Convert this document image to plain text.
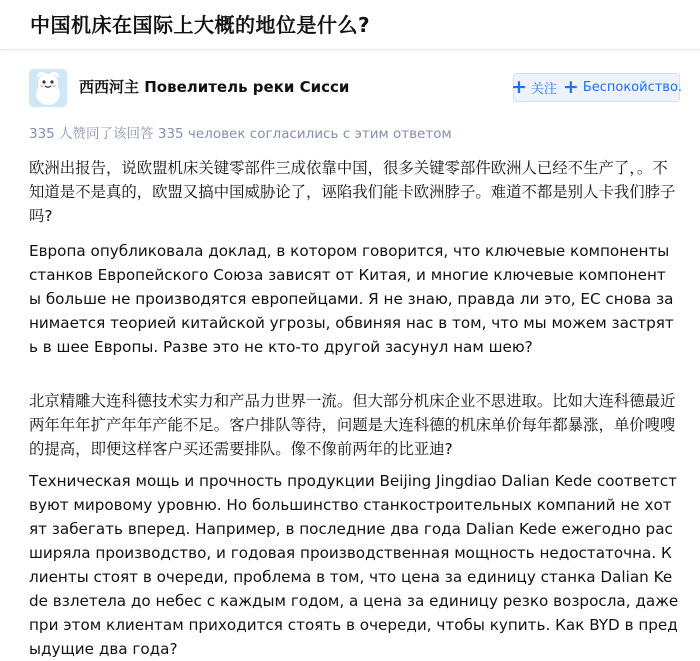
中国机床在国际上大概的地位是什么?
西西河主 Повелитель реки Сисси	+ 关注 + Беспокойство.
335 人赞同了该回答 335 человек согласились с этим ответом

欧洲出报告，说欧盟机床关键零部件三成依靠中国，很多关键零部件欧洲人已经不生产了，。不知道是不是真的，欧盟又搞中国威胁论了，诬陷我们能卡欧洲脖子。难道不都是别人卡我们脖子吗?

Европа опубликовала доклад, в котором говорится, что ключевые компоненты станков Европейского Союза зависят от Китая, и многие ключевые компоненты больше не производятся европейцами. Я не знаю, правда ли это, ЕС снова занимается теорией китайской угрозы, обвиняя нас в том, что мы можем застрять в шее Европы. Разве это не кто-то другой засунул нам шею?

北京精雕大连科德技术实力和产品力世界一流。但大部分机床企业不思进取。比如大连科德最近两年年年扩产年年产能不足。客户排队等待，问题是大连科德的机床单价每年都暴涨，单价嗖嗖的提高，即便这样客户买还需要排队。像不像前两年的比亚迪?

Техническая мощь и прочность продукции Beijing Jingdiao Dalian Kede соответствуют мировому уровню. Но большинство станкостроительных компаний не хотят забегать вперед. Например, в последние два года Dalian Kede ежегодно расширяла производство, и годовая производственная мощность недостаточна. Клиенты стоят в очереди, проблема в том, что цена за единицу станка Dalian Kede взлетела до небес с каждым годом, а цена за единицу резко возросла, даже при этом клиентам приходится стоять в очереди, чтобы купить. Как BYD в предыдущие два года?
